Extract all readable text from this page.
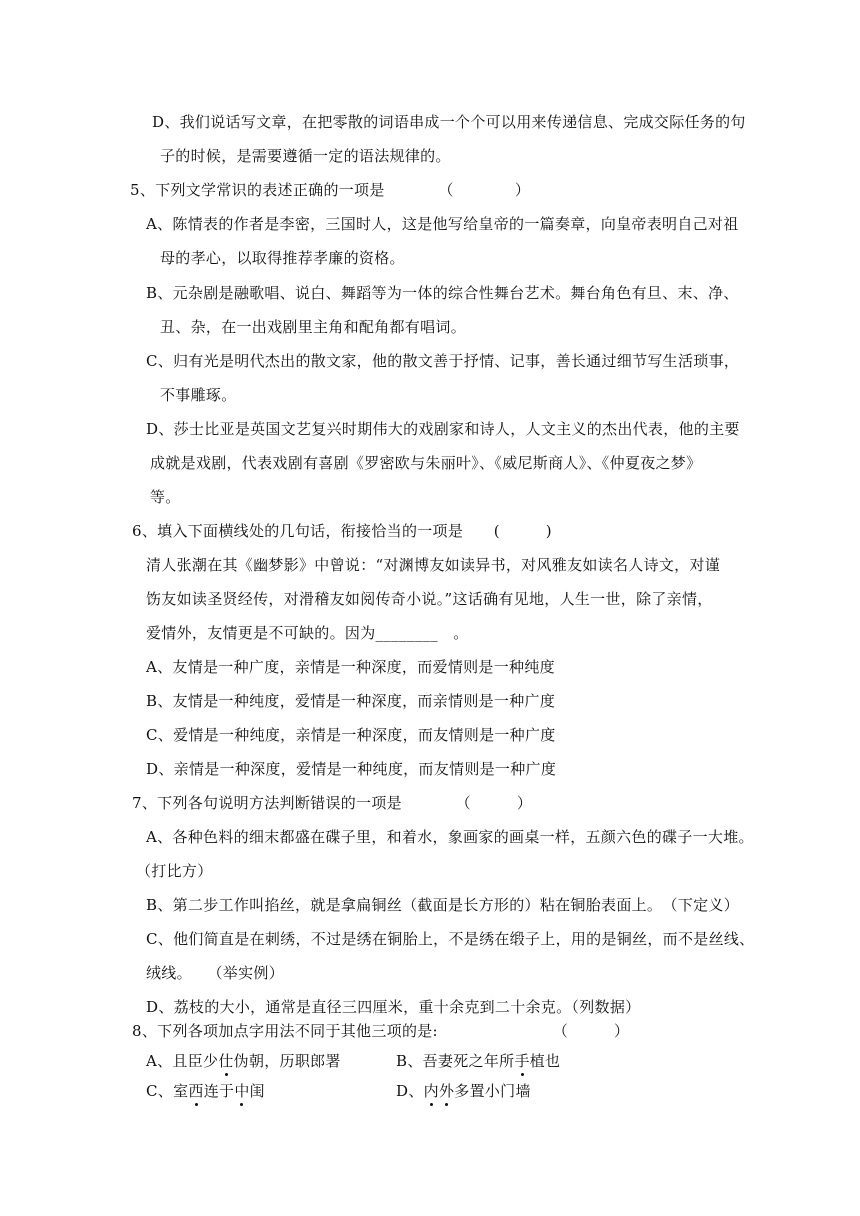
D、我们说话写文章，在把零散的词语串成一个个可以用来传递信息、完成交际任务的句
子的时候，是需要遵循一定的语法规律的。
5、下列文学常识的表述正确的一项是　　　　（　　　　）
A、陈情表的作者是李密，三国时人，这是他写给皇帝的一篇奏章，向皇帝表明自己对祖
母的孝心，以取得推荐孝廉的资格。
B、元杂剧是融歌唱、说白、舞蹈等为一体的综合性舞台艺术。舞台角色有旦、末、净、
丑、杂，在一出戏剧里主角和配角都有唱词。
C、归有光是明代杰出的散文家，他的散文善于抒情、记事，善长通过细节写生活琐事，
不事雕琢。
D、莎士比亚是英国文艺复兴时期伟大的戏剧家和诗人，人文主义的杰出代表，他的主要
成就是戏剧，代表戏剧有喜剧《罗密欧与朱丽叶》、《威尼斯商人》、《仲夏夜之梦》
等。
6、填入下面横线处的几句话，衔接恰当的一项是　　(　　　)
清人张潮在其《幽梦影》中曾说：“对渊博友如读异书，对风雅友如读名人诗文，对谨
饬友如读圣贤经传，对滑稽友如阅传奇小说。”这话确有见地，人生一世，除了亲情，
爱情外，友情更是不可缺的。因为________　。
A、友情是一种广度，亲情是一种深度，而爱情则是一种纯度
B、友情是一种纯度，爱情是一种深度，而亲情则是一种广度
C、爱情是一种纯度，亲情是一种深度，而友情则是一种广度
D、亲情是一种深度，爱情是一种纯度，而友情则是一种广度
7、下列各句说明方法判断错误的一项是　　　　（　　　）
A、各种色料的细末都盛在碟子里，和着水，象画家的画桌一样，五颜六色的碟子一大堆。
（打比方）
B、第二步工作叫掐丝，就是拿扁铜丝（截面是长方形的）粘在铜胎表面上。　（下定义）
C、他们简直是在刺绣，不过是绣在铜胎上，不是绣在缎子上，用的是铜丝，而不是丝线、
绒线。　　（举实例）
D、荔枝的大小，通常是直径三四厘米，重十余克到二十余克。（列数据）
8、下列各项加点字用法不同于其他三项的是:　　　　　　　　（　　　）
A、且臣少仕伪朝，历职郎署	B、吾妻死之年所手植也
C、室西连于中闺	D、内外多置小门墙
